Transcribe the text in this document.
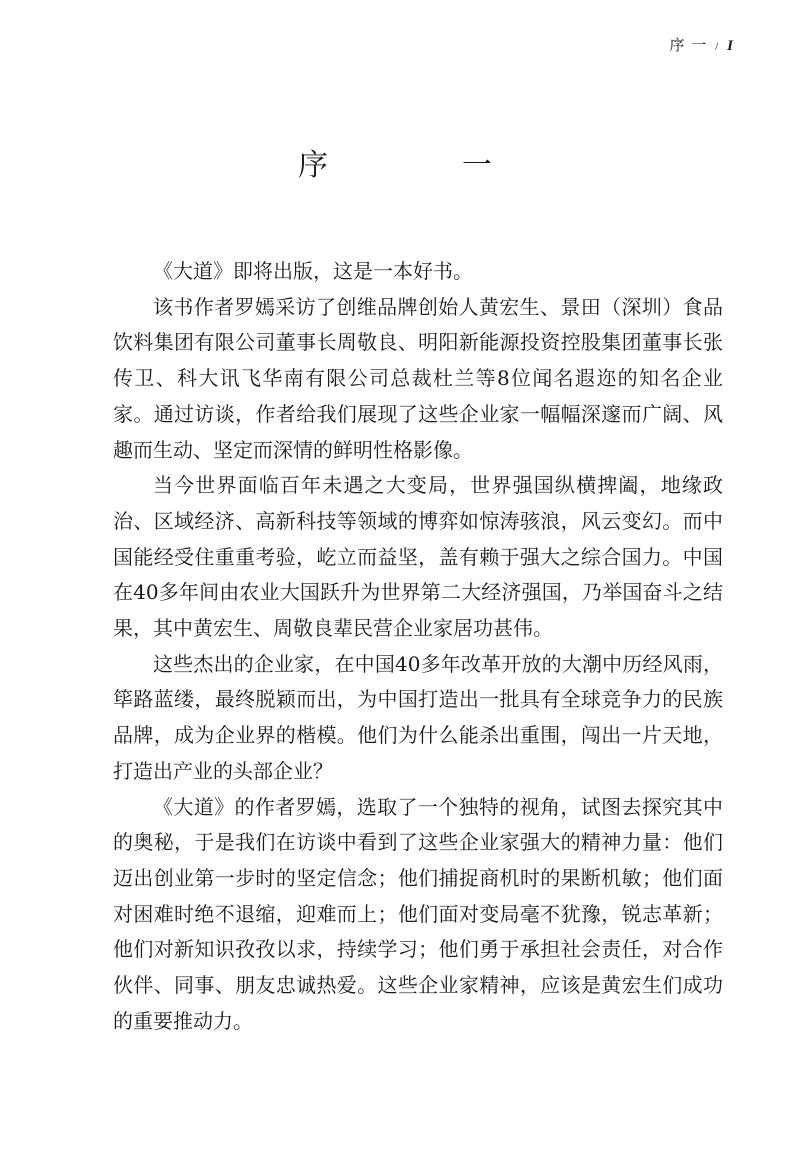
序 一 / I
序　一

《大道》即将出版，这是一本好书。

该书作者罗嫣采访了创维品牌创始人黄宏生、景田（深圳）食品饮料集团有限公司董事长周敬良、明阳新能源投资控股集团董事长张传卫、科大讯飞华南有限公司总裁杜兰等8位闻名遐迩的知名企业家。通过访谈，作者给我们展现了这些企业家一幅幅深邃而广阔、风趣而生动、坚定而深情的鲜明性格影像。

当今世界面临百年未遇之大变局，世界强国纵横捭阖，地缘政治、区域经济、高新科技等领域的博弈如惊涛骇浪，风云变幻。而中国能经受住重重考验，屹立而益坚，盖有赖于强大之综合国力。中国在40多年间由农业大国跃升为世界第二大经济强国，乃举国奋斗之结果，其中黄宏生、周敬良辈民营企业家居功甚伟。

这些杰出的企业家，在中国40多年改革开放的大潮中历经风雨，筚路蓝缕，最终脱颖而出，为中国打造出一批具有全球竞争力的民族品牌，成为企业界的楷模。他们为什么能杀出重围，闯出一片天地，打造出产业的头部企业？

《大道》的作者罗嫣，选取了一个独特的视角，试图去探究其中的奥秘，于是我们在访谈中看到了这些企业家强大的精神力量：他们迈出创业第一步时的坚定信念；他们捕捉商机时的果断机敏；他们面对困难时绝不退缩，迎难而上；他们面对变局毫不犹豫，锐志革新；他们对新知识孜孜以求，持续学习；他们勇于承担社会责任，对合作伙伴、同事、朋友忠诚热爱。这些企业家精神，应该是黄宏生们成功的重要推动力。
